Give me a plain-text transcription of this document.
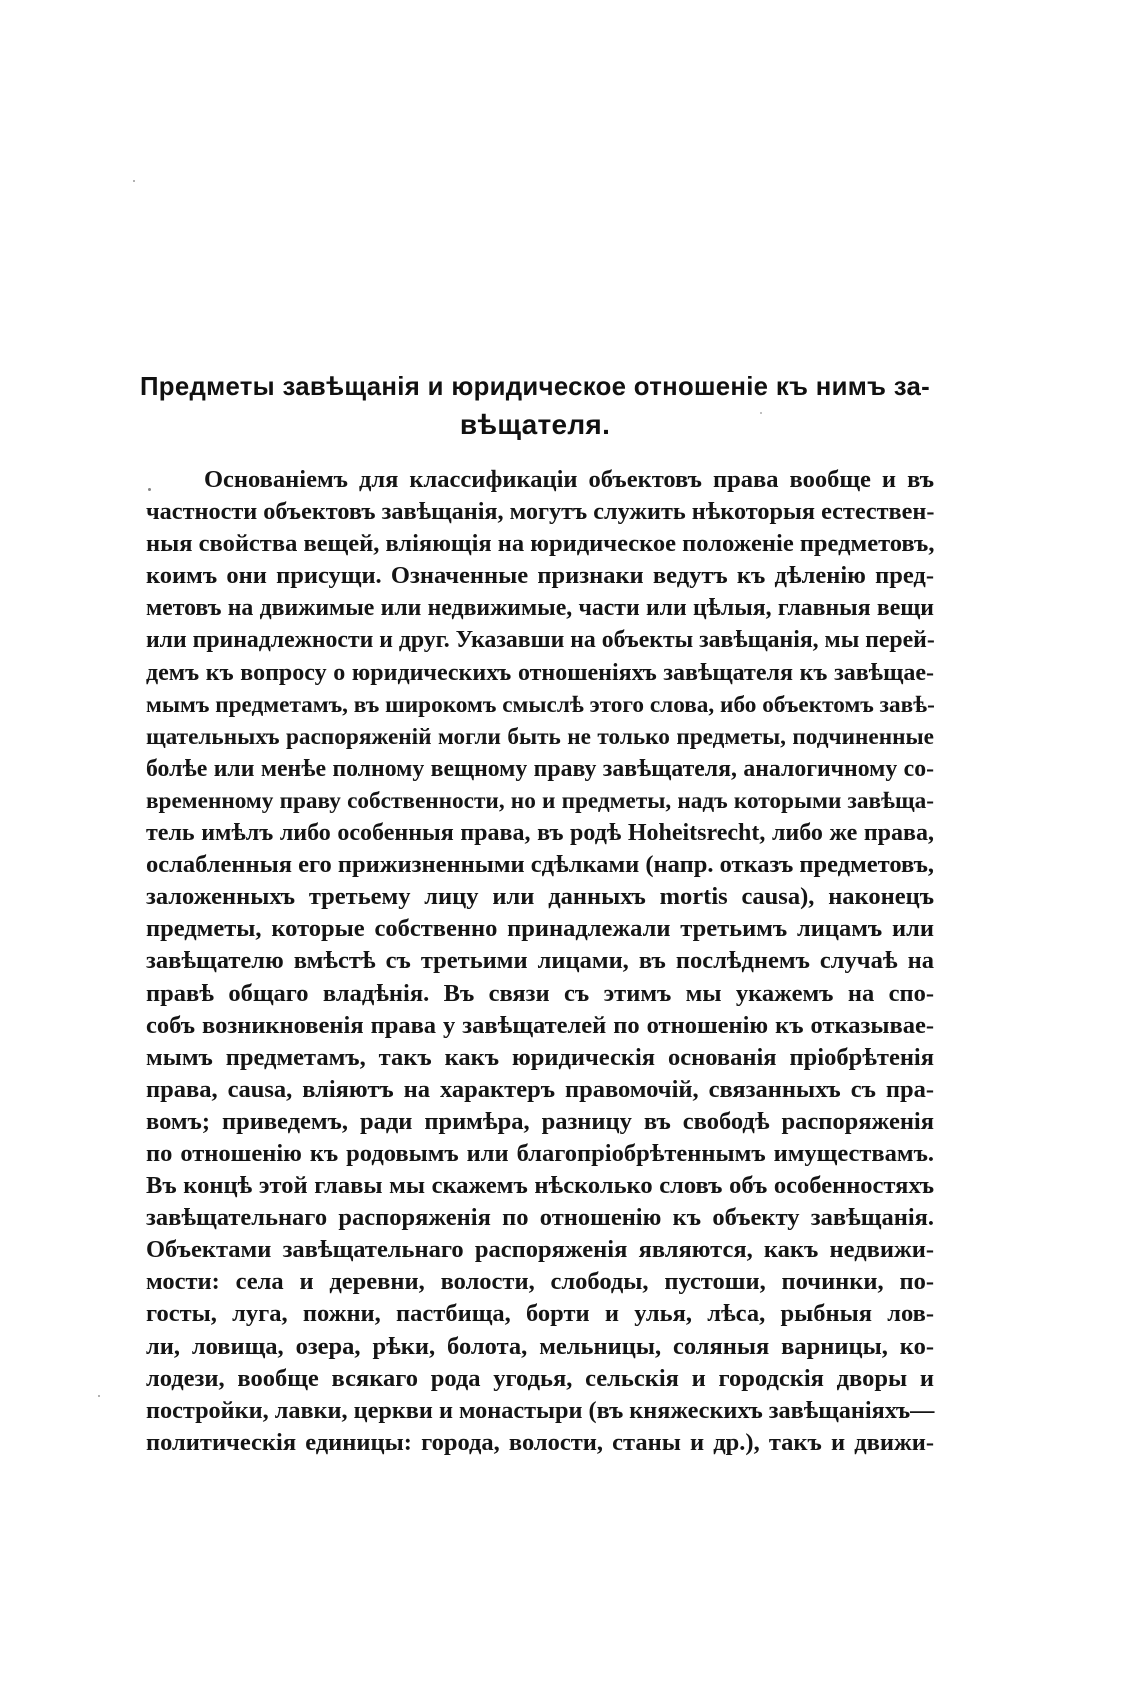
Предметы завѣщанія и юридическое отношеніе къ нимъ за-
вѣщателя.
Основаніемъ для классификаціи объектовъ права вообще и въ
частности объектовъ завѣщанія, могутъ служить нѣкоторыя естествен-
ныя свойства вещей, вліяющія на юридическое положеніе предметовъ,
коимъ они присущи. Означенные признаки ведутъ къ дѣленію пред-
метовъ на движимые или недвижимые, части или цѣлыя, главныя вещи
или принадлежности и друг. Указавши на объекты завѣщанія, мы перей-
демъ къ вопросу о юридическихъ отношеніяхъ завѣщателя къ завѣщае-
мымъ предметамъ, въ широкомъ смыслѣ этого слова, ибо объектомъ завѣ-
щательныхъ распоряженій могли быть не только предметы, подчиненные
болѣе или менѣе полному вещному праву завѣщателя, аналогичному со-
временному праву собственности, но и предметы, надъ которыми завѣща-
тель имѣлъ либо особенныя права, въ родѣ Hoheitsrecht, либо же права,
ослабленныя его прижизненными сдѣлками (напр. отказъ предметовъ,
заложенныхъ третьему лицу или данныхъ mortis causa), наконецъ
предметы, которые собственно принадлежали третьимъ лицамъ или
завѣщателю вмѣстѣ съ третьими лицами, въ послѣднемъ случаѣ на
правѣ общаго владѣнія. Въ связи съ этимъ мы укажемъ на спо-
собъ возникновенія права у завѣщателей по отношенію къ отказывае-
мымъ предметамъ, такъ какъ юридическія основанія пріобрѣтенія
права, causa, вліяютъ на характеръ правомочій, связанныхъ съ пра-
вомъ; приведемъ, ради примѣра, разницу въ свободѣ распоряженія
по отношенію къ родовымъ или благопріобрѣтеннымъ имуществамъ.
Въ концѣ этой главы мы скажемъ нѣсколько словъ объ особенностяхъ
завѣщательнаго распоряженія по отношенію къ объекту завѣщанія.
Объектами завѣщательнаго распоряженія являются, какъ недвижи-
мости: села и деревни, волости, слободы, пустоши, починки, по-
госты, луга, пожни, пастбища, борти и улья, лѣса, рыбныя лов-
ли, ловища, озера, рѣки, болота, мельницы, соляныя варницы, ко-
лодези, вообще всякаго рода угодья, сельскія и городскія дворы и
постройки, лавки, церкви и монастыри (въ княжескихъ завѣщаніяхъ—
политическія единицы: города, волости, станы и др.), такъ и движи-
